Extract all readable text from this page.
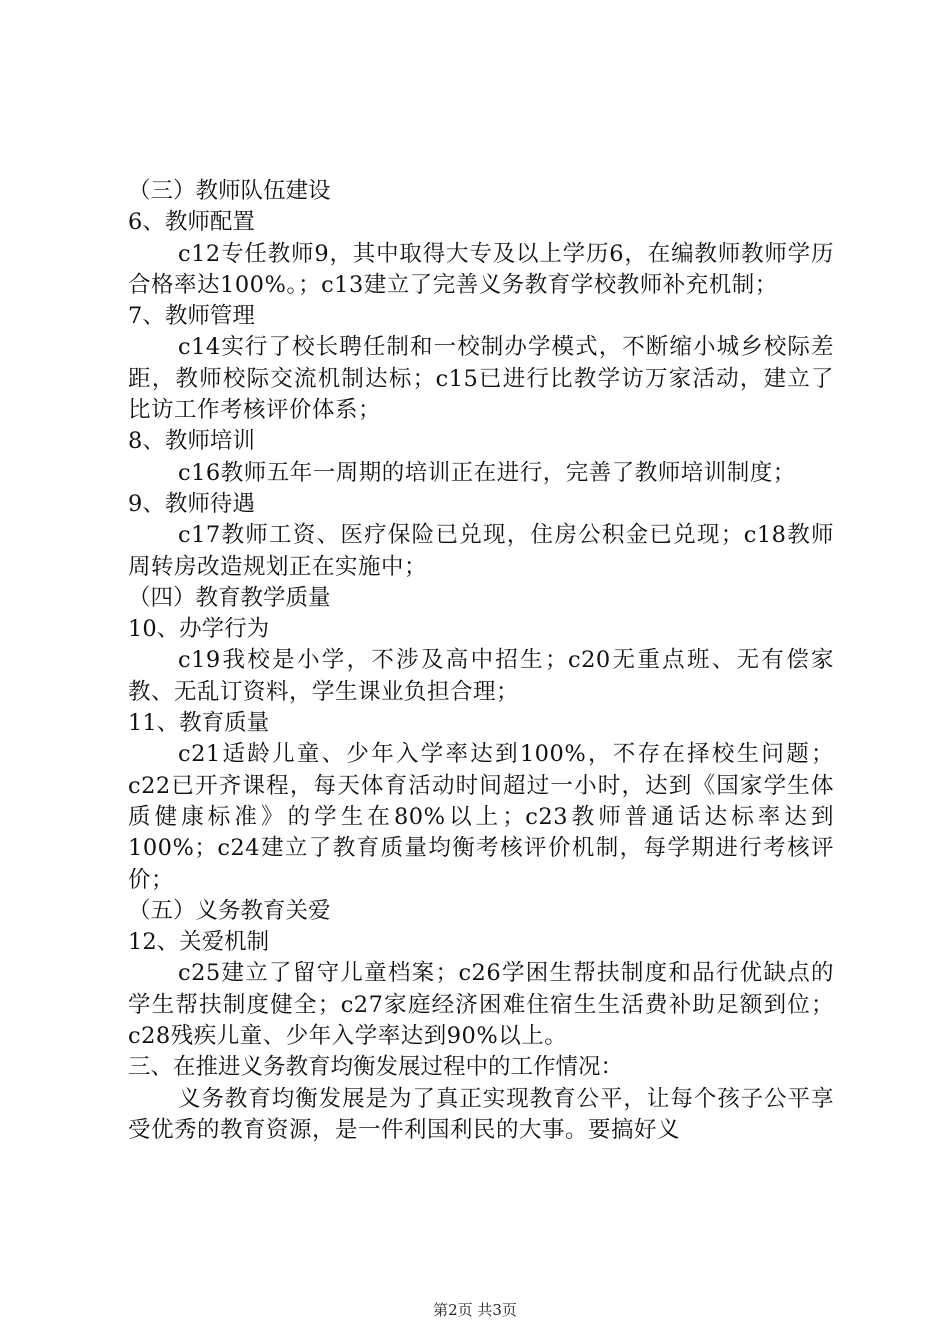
（三）教师队伍建设

6、教师配置

c12专任教师9，其中取得大专及以上学历6，在编教师教师学历合格率达100%。；c13建立了完善义务教育学校教师补充机制；

7、教师管理

c14实行了校长聘任制和一校制办学模式，不断缩小城乡校际差距，教师校际交流机制达标；c15已进行比教学访万家活动，建立了比访工作考核评价体系；

8、教师培训

c16教师五年一周期的培训正在进行，完善了教师培训制度；

9、教师待遇

c17教师工资、医疗保险已兑现，住房公积金已兑现；c18教师周转房改造规划正在实施中；

（四）教育教学质量

10、办学行为

c19我校是小学，不涉及高中招生；c20无重点班、无有偿家教、无乱订资料，学生课业负担合理；

11、教育质量

c21适龄儿童、少年入学率达到100%，不存在择校生问题；c22已开齐课程，每天体育活动时间超过一小时，达到《国家学生体质健康标准》的学生在80%以上；c23教师普通话达标率达到100%；c24建立了教育质量均衡考核评价机制，每学期进行考核评价；

（五）义务教育关爱

12、关爱机制

c25建立了留守儿童档案；c26学困生帮扶制度和品行优缺点的学生帮扶制度健全；c27家庭经济困难住宿生生活费补助足额到位；c28残疾儿童、少年入学率达到90%以上。

三、在推进义务教育均衡发展过程中的工作情况：

义务教育均衡发展是为了真正实现教育公平，让每个孩子公平享受优秀的教育资源，是一件利国利民的大事。要搞好义

第2页 共3页
